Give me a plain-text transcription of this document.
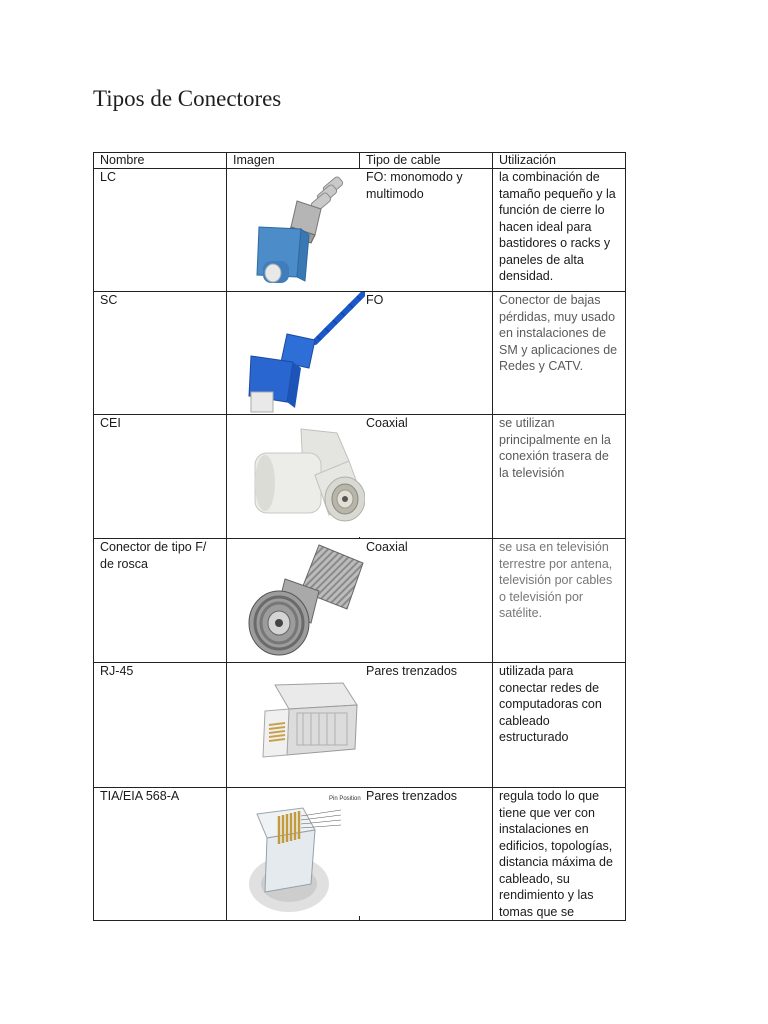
Tipos de Conectores
Nombre	Imagen	Tipo de cable	Utilización
LC		FO: monomodo y multimodo	la combinación de tamaño pequeño y la función de cierre lo hacen ideal para bastidores o racks y paneles de alta densidad.
SC		FO	Conector de bajas pérdidas, muy usado en instalaciones de SM y aplicaciones de Redes y CATV.
CEI		Coaxial	se utilizan principalmente en la conexión trasera de la televisión
Conector de tipo F/ de rosca		Coaxial	se usa en televisión terrestre por antena, televisión por cables o televisión por satélite.
RJ-45		Pares trenzados	utilizada para conectar redes de computadoras con cableado estructurado
TIA/EIA 568-A	Pin Position	Pares trenzados	regula todo lo que tiene que ver con instalaciones en edificios, topologías, distancia máxima de cableado, su rendimiento y las tomas que se
